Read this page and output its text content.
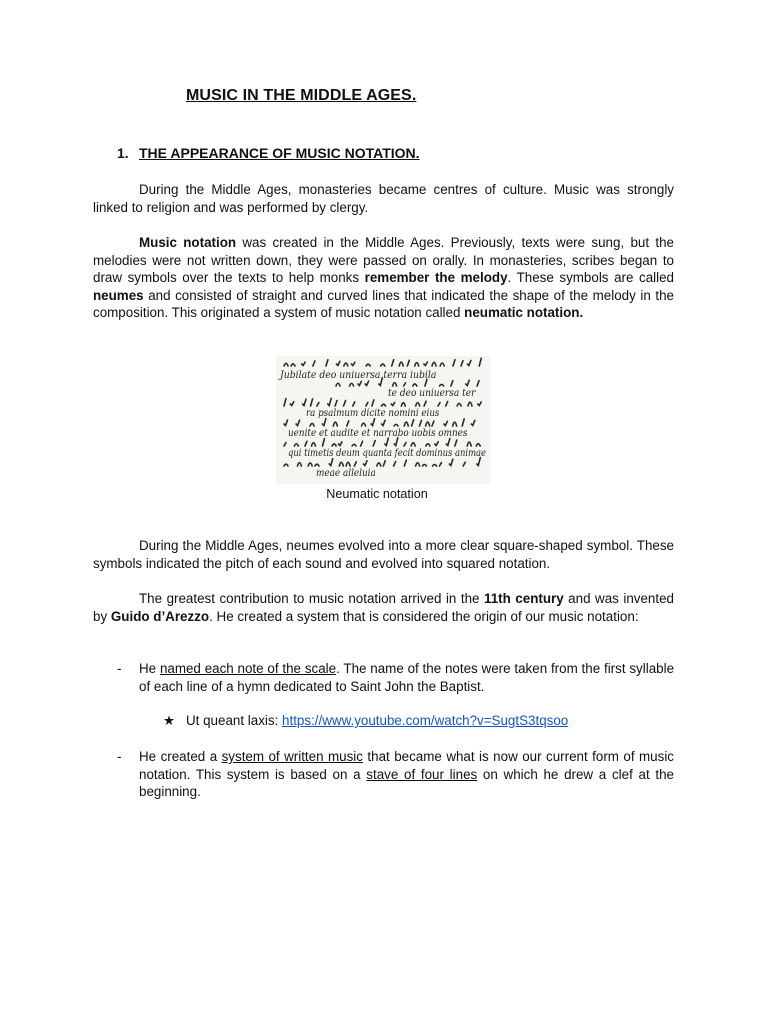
MUSIC IN THE MIDDLE AGES.
1. THE APPEARANCE OF MUSIC NOTATION.

During the Middle Ages, monasteries became centres of culture. Music was strongly linked to religion and was performed by clergy.

Music notation was created in the Middle Ages. Previously, texts were sung, but the melodies were not written down, they were passed on orally. In monasteries, scribes began to draw symbols over the texts to help monks remember the melody. These symbols are called neumes and consisted of straight and curved lines that indicated the shape of the melody in the composition. This originated a system of music notation called neumatic notation.

Jubilate deo uniuersa terra iubila
te deo uniuersa ter
ra psalmum dicite nomini eius
uenite et audite et narrabo uobis omnes
qui timetis deum quanta fecit dominus animae
meae alleluia

Neumatic notation

During the Middle Ages, neumes evolved into a more clear square-shaped symbol. These symbols indicated the pitch of each sound and evolved into squared notation.

The greatest contribution to music notation arrived in the 11th century and was invented by Guido d’Arezzo. He created a system that is considered the origin of our music notation:

- He named each note of the scale. The name of the notes were taken from the first syllable of each line of a hymn dedicated to Saint John the Baptist.

★ Ut queant laxis: https://www.youtube.com/watch?v=SugtS3tqsoo

- He created a system of written music that became what is now our current form of music notation. This system is based on a stave of four lines on which he drew a clef at the beginning.
